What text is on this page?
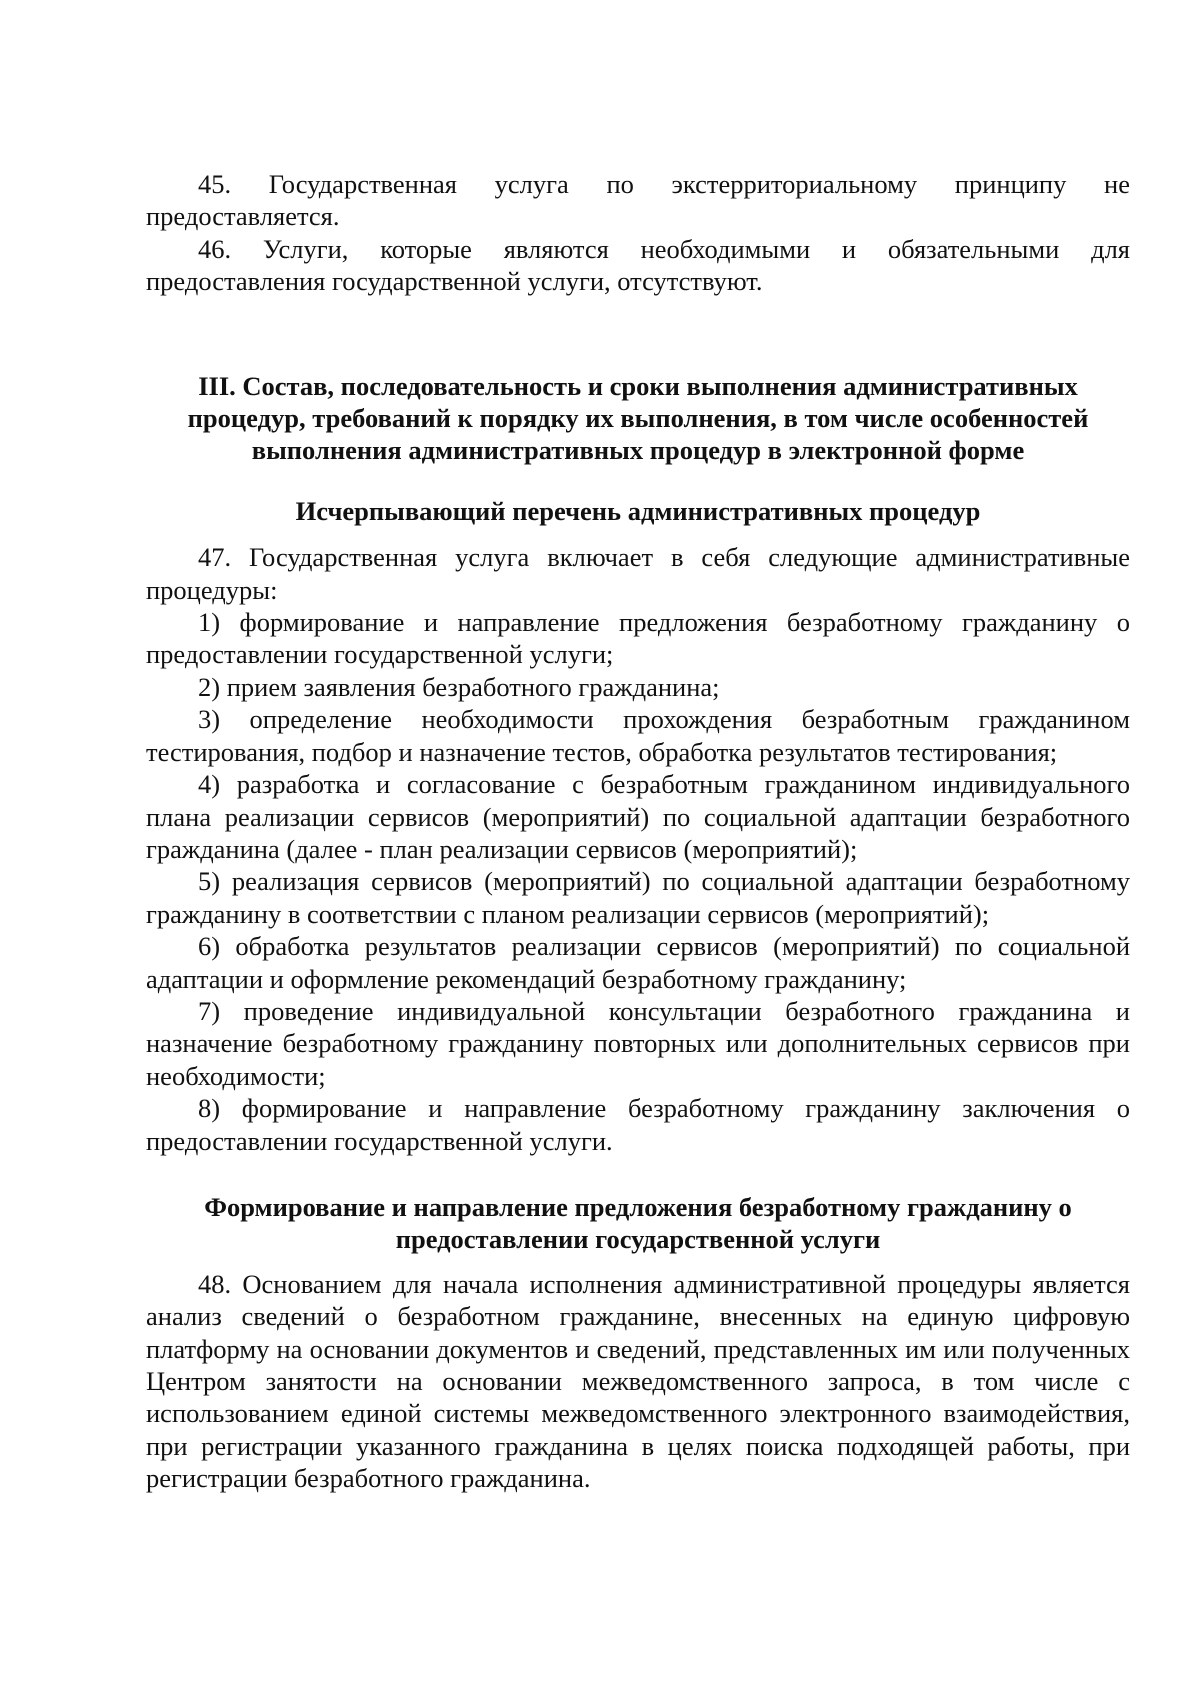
45. Государственная услуга по экстерриториальному принципу не предоставляется.

46. Услуги, которые являются необходимыми и обязательными для предоставления государственной услуги, отсутствуют.

III. Состав, последовательность и сроки выполнения административных процедур, требований к порядку их выполнения, в том числе особенностей выполнения административных процедур в электронной форме

Исчерпывающий перечень административных процедур

47. Государственная услуга включает в себя следующие административные процедуры:

1) формирование и направление предложения безработному гражданину о предоставлении государственной услуги;

2) прием заявления безработного гражданина;

3) определение необходимости прохождения безработным гражданином тестирования, подбор и назначение тестов, обработка результатов тестирования;

4) разработка и согласование с безработным гражданином индивидуального плана реализации сервисов (мероприятий) по социальной адаптации безработного гражданина (далее - план реализации сервисов (мероприятий);

5) реализация сервисов (мероприятий) по социальной адаптации безработному гражданину в соответствии с планом реализации сервисов (мероприятий);

6) обработка результатов реализации сервисов (мероприятий) по социальной адаптации и оформление рекомендаций безработному гражданину;

7) проведение индивидуальной консультации безработного гражданина и назначение безработному гражданину повторных или дополнительных сервисов при необходимости;

8) формирование и направление безработному гражданину заключения о предоставлении государственной услуги.

Формирование и направление предложения безработному гражданину о предоставлении государственной услуги

48. Основанием для начала исполнения административной процедуры является анализ сведений о безработном гражданине, внесенных на единую цифровую платформу на основании документов и сведений, представленных им или полученных Центром занятости на основании межведомственного запроса, в том числе с использованием единой системы межведомственного электронного взаимодействия, при регистрации указанного гражданина в целях поиска подходящей работы, при регистрации безработного гражданина.
